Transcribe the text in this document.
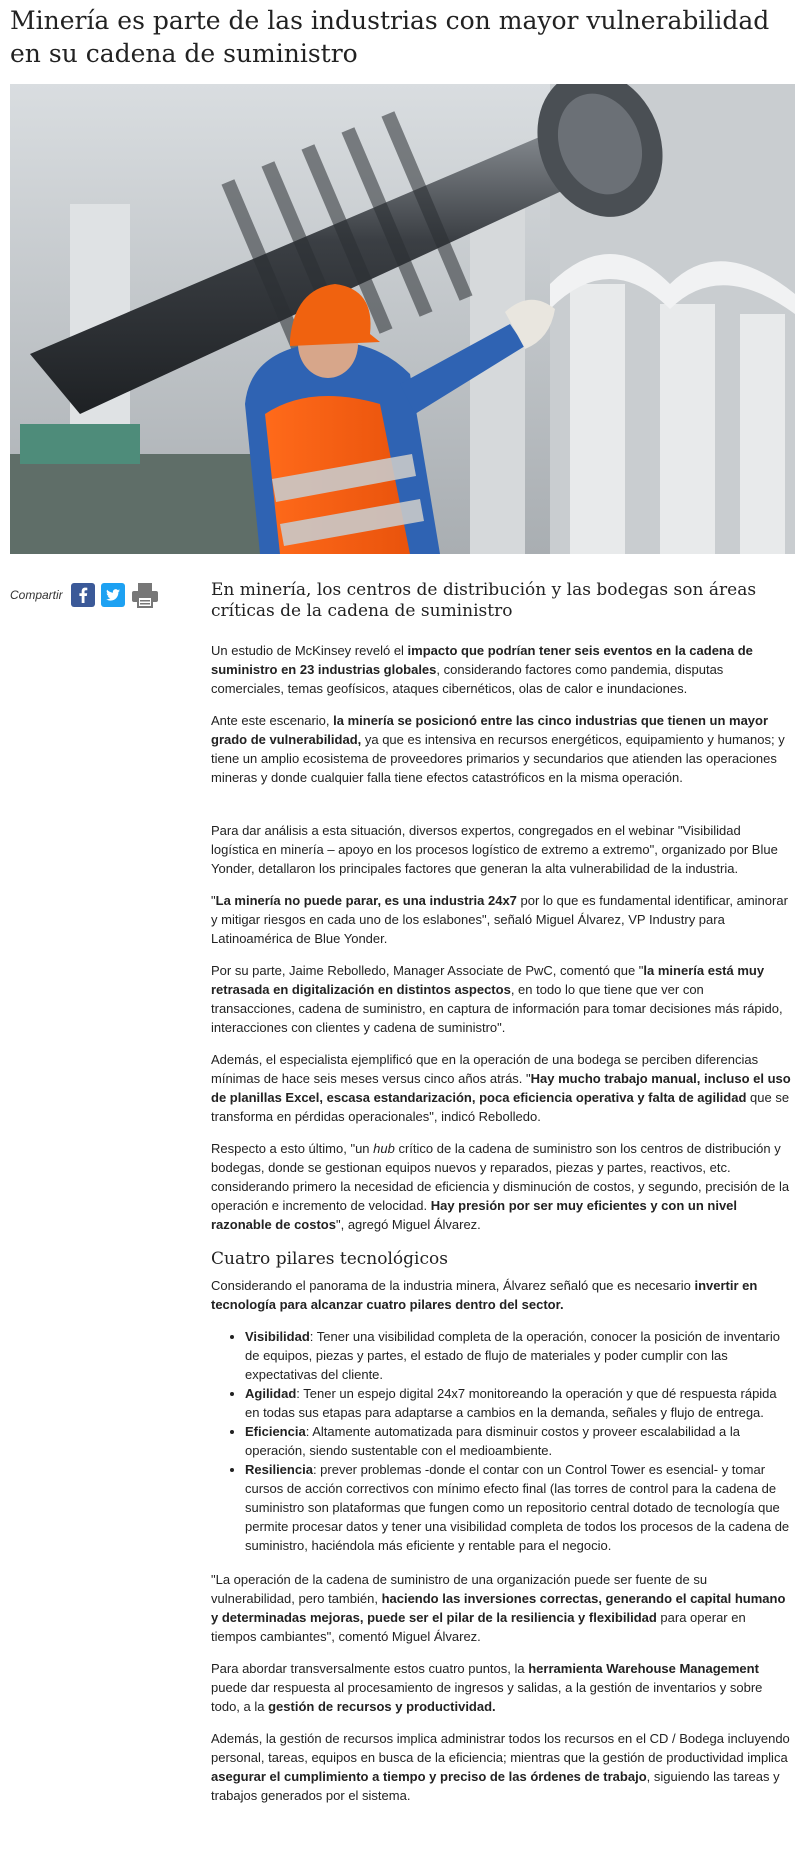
Minería es parte de las industrias con mayor vulnerabilidad en su cadena de suministro
Compartir	En minería, los centros de distribución y las bodegas son áreas críticas de la cadena de suministro

Un estudio de McKinsey reveló el impacto que podrían tener seis eventos en la cadena de suministro en 23 industrias globales, considerando factores como pandemia, disputas comerciales, temas geofísicos, ataques cibernéticos, olas de calor e inundaciones.

Ante este escenario, la minería se posicionó entre las cinco industrias que tienen un mayor grado de vulnerabilidad, ya que es intensiva en recursos energéticos, equipamiento y humanos; y tiene un amplio ecosistema de proveedores primarios y secundarios que atienden las operaciones mineras y donde cualquier falla tiene efectos catastróficos en la misma operación.

Para dar análisis a esta situación, diversos expertos, congregados en el webinar "Visibilidad logística en minería – apoyo en los procesos logístico de extremo a extremo", organizado por Blue Yonder, detallaron los principales factores que generan la alta vulnerabilidad de la industria.

"La minería no puede parar, es una industria 24x7 por lo que es fundamental identificar, aminorar y mitigar riesgos en cada uno de los eslabones", señaló Miguel Álvarez, VP Industry para Latinoamérica de Blue Yonder.

Por su parte, Jaime Rebolledo, Manager Associate de PwC, comentó que "la minería está muy retrasada en digitalización en distintos aspectos, en todo lo que tiene que ver con transacciones, cadena de suministro, en captura de información para tomar decisiones más rápido, interacciones con clientes y cadena de suministro".

Además, el especialista ejemplificó que en la operación de una bodega se perciben diferencias mínimas de hace seis meses versus cinco años atrás. "Hay mucho trabajo manual, incluso el uso de planillas Excel, escasa estandarización, poca eficiencia operativa y falta de agilidad que se transforma en pérdidas operacionales", indicó Rebolledo.

Respecto a esto último, "un hub crítico de la cadena de suministro son los centros de distribución y bodegas, donde se gestionan equipos nuevos y reparados, piezas y partes, reactivos, etc. considerando primero la necesidad de eficiencia y disminución de costos, y segundo, precisión de la operación e incremento de velocidad. Hay presión por ser muy eficientes y con un nivel razonable de costos", agregó Miguel Álvarez.

Cuatro pilares tecnológicos

Considerando el panorama de la industria minera, Álvarez señaló que es necesario invertir en tecnología para alcanzar cuatro pilares dentro del sector.

• Visibilidad: Tener una visibilidad completa de la operación, conocer la posición de inventario de equipos, piezas y partes, el estado de flujo de materiales y poder cumplir con las expectativas del cliente.
• Agilidad: Tener un espejo digital 24x7 monitoreando la operación y que dé respuesta rápida en todas sus etapas para adaptarse a cambios en la demanda, señales y flujo de entrega.
• Eficiencia: Altamente automatizada para disminuir costos y proveer escalabilidad a la operación, siendo sustentable con el medioambiente.
• Resiliencia: prever problemas -donde el contar con un Control Tower es esencial- y tomar cursos de acción correctivos con mínimo efecto final (las torres de control para la cadena de suministro son plataformas que fungen como un repositorio central dotado de tecnología que permite procesar datos y tener una visibilidad completa de todos los procesos de la cadena de suministro, haciéndola más eficiente y rentable para el negocio.

"La operación de la cadena de suministro de una organización puede ser fuente de su vulnerabilidad, pero también, haciendo las inversiones correctas, generando el capital humano y determinadas mejoras, puede ser el pilar de la resiliencia y flexibilidad para operar en tiempos cambiantes", comentó Miguel Álvarez.

Para abordar transversalmente estos cuatro puntos, la herramienta Warehouse Management puede dar respuesta al procesamiento de ingresos y salidas, a la gestión de inventarios y sobre todo, a la gestión de recursos y productividad.

Además, la gestión de recursos implica administrar todos los recursos en el CD / Bodega incluyendo personal, tareas, equipos en busca de la eficiencia; mientras que la gestión de productividad implica asegurar el cumplimiento a tiempo y preciso de las órdenes de trabajo, siguiendo las tareas y trabajos generados por el sistema.
